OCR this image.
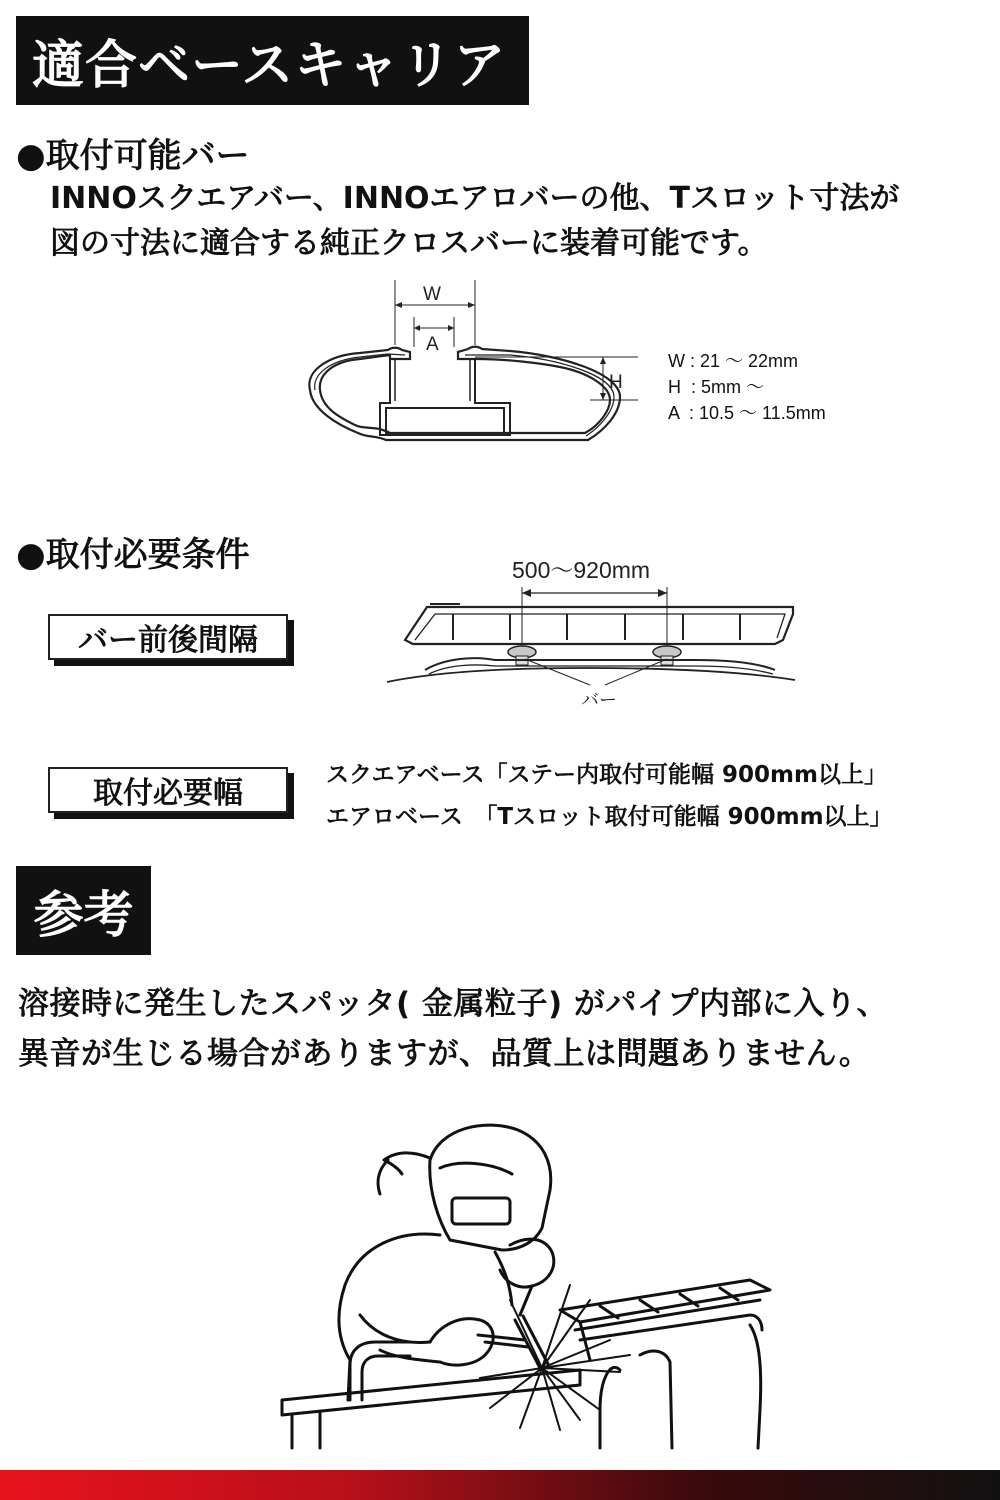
適合ベースキャリア
●取付可能バー
INNOスクエアバー、INNOエアロバーの他、Tスロット寸法が
図の寸法に適合する純正クロスバーに装着可能です。
W
A
H
W : 21 ～ 22mm
H  : 5mm ～
A  : 10.5 ～ 11.5mm
●取付必要条件
バー前後間隔
500～920mm
バー
取付必要幅
スクエアベース「ステー内取付可能幅 900mm以上」
エアロベース　「Tスロット取付可能幅 900mm以上」
参考
溶接時に発生したスパッタ( 金属粒子) がパイプ内部に入り、
異音が生じる場合がありますが、品質上は問題ありません。
